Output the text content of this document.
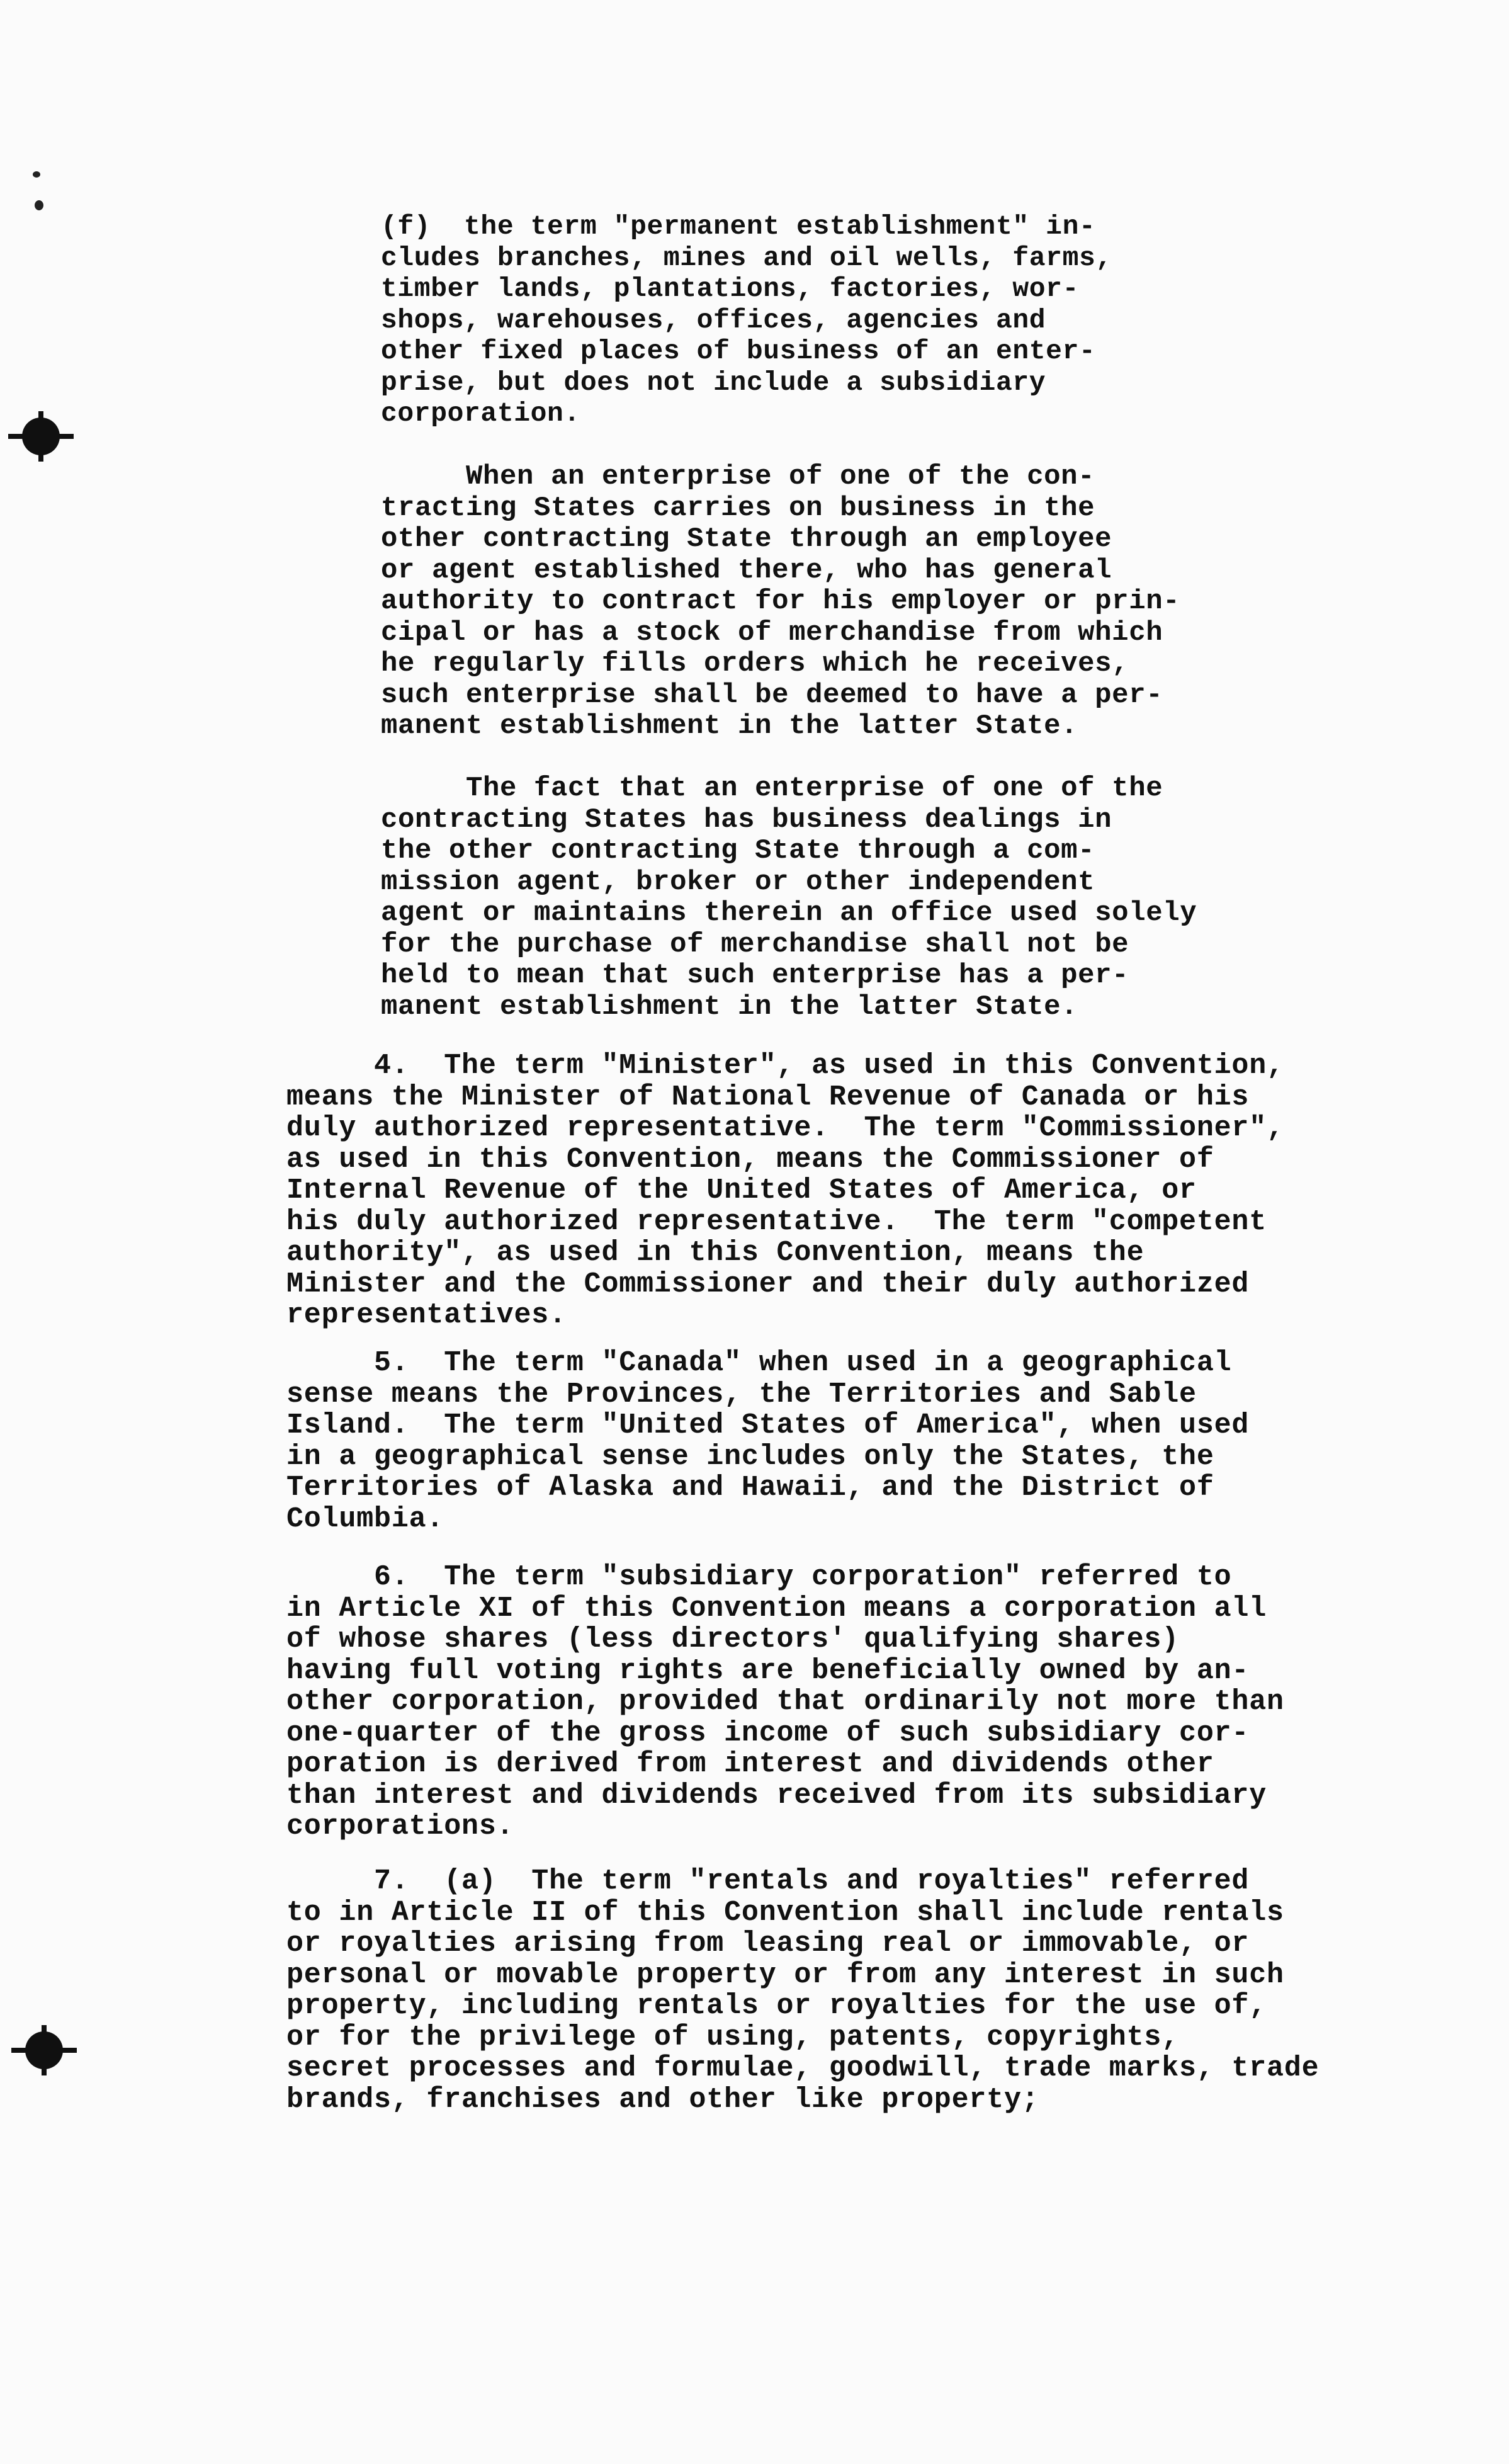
(f)  the term "permanent establishment" in-
cludes branches, mines and oil wells, farms,
timber lands, plantations, factories, wor-
shops, warehouses, offices, agencies and
other fixed places of business of an enter-
prise, but does not include a subsidiary
corporation.
When an enterprise of one of the con-
tracting States carries on business in the
other contracting State through an employee
or agent established there, who has general
authority to contract for his employer or prin-
cipal or has a stock of merchandise from which
he regularly fills orders which he receives,
such enterprise shall be deemed to have a per-
manent establishment in the latter State.
The fact that an enterprise of one of the
contracting States has business dealings in
the other contracting State through a com-
mission agent, broker or other independent
agent or maintains therein an office used solely
for the purchase of merchandise shall not be
held to mean that such enterprise has a per-
manent establishment in the latter State.
4.  The term "Minister", as used in this Convention,
means the Minister of National Revenue of Canada or his
duly authorized representative.  The term "Commissioner",
as used in this Convention, means the Commissioner of
Internal Revenue of the United States of America, or
his duly authorized representative.  The term "competent
authority", as used in this Convention, means the
Minister and the Commissioner and their duly authorized
representatives.
5.  The term "Canada" when used in a geographical
sense means the Provinces, the Territories and Sable
Island.  The term "United States of America", when used
in a geographical sense includes only the States, the
Territories of Alaska and Hawaii, and the District of
Columbia.
6.  The term "subsidiary corporation" referred to
in Article XI of this Convention means a corporation all
of whose shares (less directors' qualifying shares)
having full voting rights are beneficially owned by an-
other corporation, provided that ordinarily not more than
one-quarter of the gross income of such subsidiary cor-
poration is derived from interest and dividends other
than interest and dividends received from its subsidiary
corporations.
7.  (a)  The term "rentals and royalties" referred
to in Article II of this Convention shall include rentals
or royalties arising from leasing real or immovable, or
personal or movable property or from any interest in such
property, including rentals or royalties for the use of,
or for the privilege of using, patents, copyrights,
secret processes and formulae, goodwill, trade marks, trade
brands, franchises and other like property;
